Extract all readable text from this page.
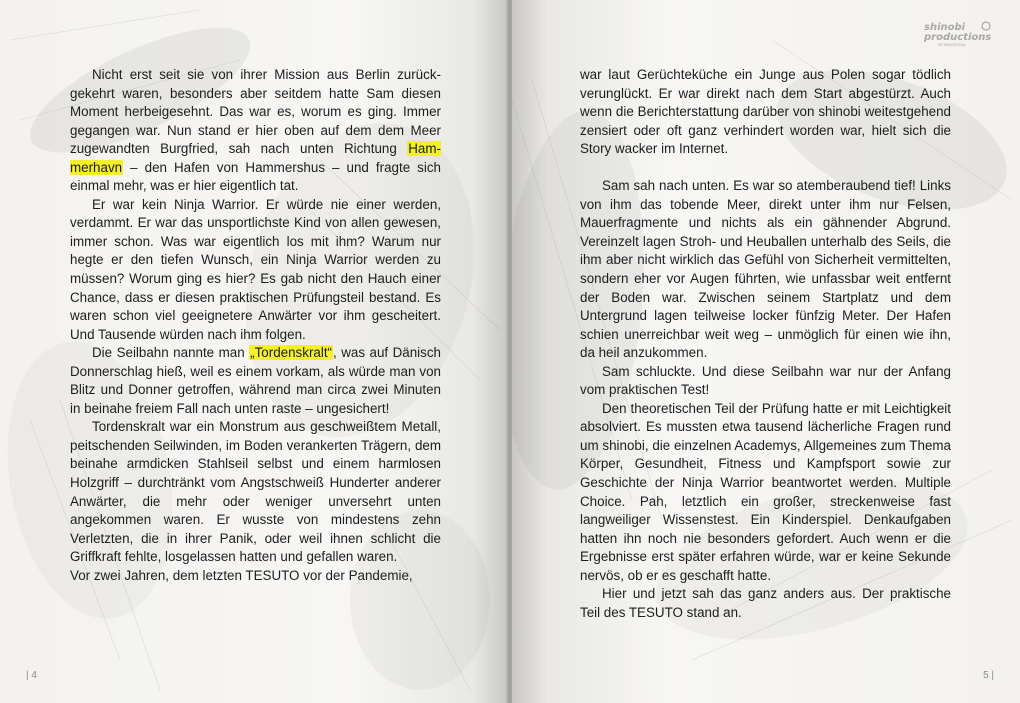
Nicht erst seit sie von ihrer Mission aus Berlin zurückgekehrt waren, besonders aber seitdem hatte Sam diesen Moment herbeigesehnt. Das war es, worum es ging. Immer gegangen war. Nun stand er hier oben auf dem dem Meer zugewandten Burgfried, sah nach unten Richtung Hammerhavn – den Hafen von Hammershus – und fragte sich einmal mehr, was er hier eigentlich tat.

Er war kein Ninja Warrior. Er würde nie einer werden, verdammt. Er war das unsportlichste Kind von allen gewesen, immer schon. Was war eigentlich los mit ihm? Warum nur hegte er den tiefen Wunsch, ein Ninja Warrior werden zu müssen? Worum ging es hier? Es gab nicht den Hauch einer Chance, dass er diesen praktischen Prüfungsteil bestand. Es waren schon viel geeignetere Anwärter vor ihm gescheitert. Und Tausende würden nach ihm folgen.

Die Seilbahn nannte man „Tordenskralt“, was auf Dänisch Donnerschlag hieß, weil es einem vorkam, als würde man von Blitz und Donner getroffen, während man circa zwei Minuten in beinahe freiem Fall nach unten raste – ungesichert!

Tordenskralt war ein Monstrum aus geschweißtem Metall, peitschenden Seilwinden, im Boden verankerten Trägern, dem beinahe armdicken Stahlseil selbst und einem harmlosen Holzgriff – durchtränkt vom Angstschweiß Hunderter anderer Anwärter, die mehr oder weniger unversehrt unten angekommen waren. Er wusste von mindestens zehn Verletzten, die in ihrer Panik, oder weil ihnen schlicht die Griffkraft fehlte, losgelassen hatten und gefallen waren.

Vor zwei Jahren, dem letzten TESUTO vor der Pandemie,

| 4
shinobi
productions
INTERNATIONAL

war laut Gerüchteküche ein Junge aus Polen sogar tödlich verunglückt. Er war direkt nach dem Start abgestürzt. Auch wenn die Berichterstattung darüber von shinobi weitestgehend zensiert oder oft ganz verhindert worden war, hielt sich die Story wacker im Internet.

Sam sah nach unten. Es war so atemberaubend tief! Links von ihm das tobende Meer, direkt unter ihm nur Felsen, Mauerfragmente und nichts als ein gähnender Abgrund. Vereinzelt lagen Stroh- und Heuballen unterhalb des Seils, die ihm aber nicht wirklich das Gefühl von Sicherheit vermittelten, sondern eher vor Augen führten, wie unfassbar weit entfernt der Boden war. Zwischen seinem Startplatz und dem Untergrund lagen teilweise locker fünfzig Meter. Der Hafen schien unerreichbar weit weg – unmöglich für einen wie ihn, da heil anzukommen.

Sam schluckte. Und diese Seilbahn war nur der Anfang vom praktischen Test!

Den theoretischen Teil der Prüfung hatte er mit Leichtigkeit absolviert. Es mussten etwa tausend lächerliche Fragen rund um shinobi, die einzelnen Academys, Allgemeines zum Thema Körper, Gesundheit, Fitness und Kampfsport sowie zur Geschichte der Ninja Warrior beantwortet werden. Multiple Choice. Pah, letztlich ein großer, streckenweise fast langweiliger Wissenstest. Ein Kinderspiel. Denkaufgaben hatten ihn noch nie besonders gefordert. Auch wenn er die Ergebnisse erst später erfahren würde, war er keine Sekunde nervös, ob er es geschafft hatte.

Hier und jetzt sah das ganz anders aus. Der praktische Teil des TESUTO stand an.

5 |
